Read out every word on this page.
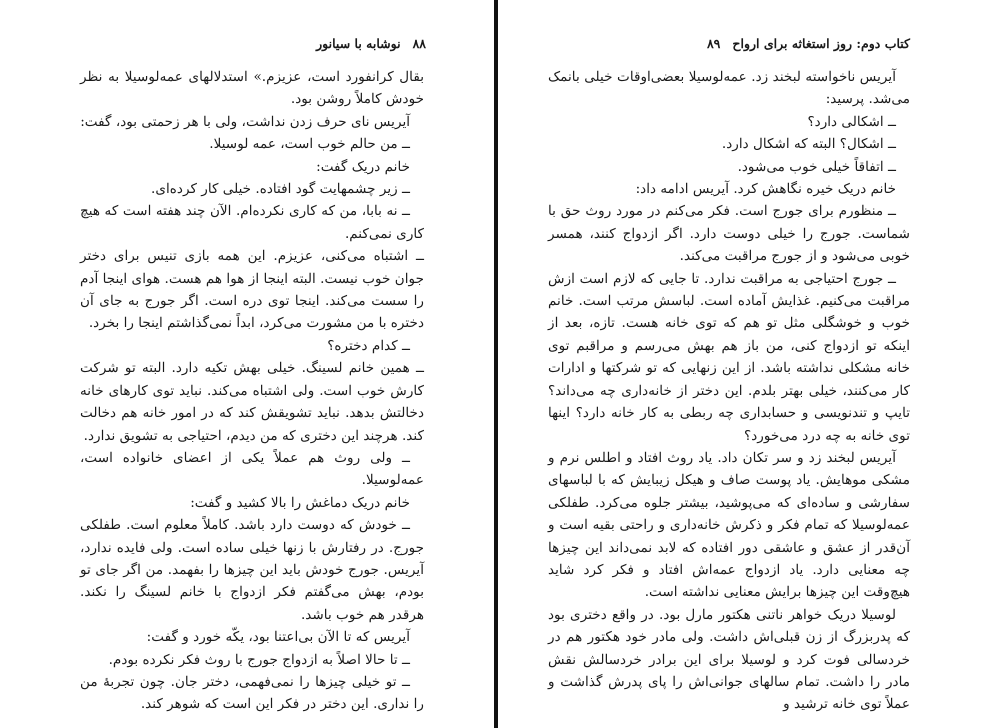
۸۸
نوشابه با سیانور

بقال کرانفورد است، عزیزم.» استدلالهای عمه‌لوسیلا به نظر خودش کاملاً روشن بود.

آیریس نای حرف زدن نداشت، ولی با هر زحمتی بود، گفت:

ــ من حالم خوب است، عمه لوسیلا.

خانم دریک گفت:

ــ زیر چشمهایت گود افتاده. خیلی کار کرده‌ای.

ــ نه بابا، من که کاری نکرده‌ام. الآن چند هفته است که هیچ کاری نمی‌کنم.

ــ اشتباه می‌کنی، عزیزم. این همه بازی تنیس برای دختر جوان خوب نیست. البته اینجا از هوا هم هست. هوای اینجا آدم را سست می‌کند. اینجا توی دره است. اگر جورج به جای آن دختره با من مشورت می‌کرد، ابداً نمی‌گذاشتم اینجا را بخرد.

ــ کدام دختره؟

ــ همین خانم لسینگ. خیلی بهش تکیه دارد. البته تو شرکت کارش خوب است. ولی اشتباه می‌کند. نباید توی کارهای خانه دخالتش بدهد. نباید تشویقش کند که در امور خانه هم دخالت کند. هرچند این دختری که من دیدم، احتیاجی به تشویق ندارد.

ــ ولی روث هم عملاً یکی از اعضای خانواده است، عمه‌لوسیلا.

خانم دریک دماغش را بالا کشید و گفت:

ــ خودش که دوست دارد باشد. کاملاً معلوم است. طفلکی جورج. در رفتارش با زنها خیلی ساده است. ولی فایده ندارد، آیریس. جورج خودش باید این چیزها را بفهمد. من اگر جای تو بودم، بهش می‌گفتم فکر ازدواج با خانم لسینگ را نکند. هرقدر هم خوب باشد.

آیریس که تا الآن بی‌اعتنا بود، یکّه خورد و گفت:

ــ تا حالا اصلاً به ازدواج جورج با روث فکر نکرده بودم.

ــ تو خیلی چیزها را نمی‌فهمی، دختر جان. چون تجربهٔ من را نداری. این دختر در فکر این است که شوهر کند.

کتاب دوم: روز استغاثه برای ارواح
۸۹

آیریس ناخواسته لبخند زد. عمه‌لوسیلا بعضی‌اوقات خیلی بانمک می‌شد. پرسید:

ــ اشکالی دارد؟

ــ اشکال؟ البته که اشکال دارد.

ــ اتفاقاً خیلی خوب می‌شود.

خانم دریک خیره نگاهش کرد. آیریس ادامه داد:

ــ منظورم برای جورج است. فکر می‌کنم در مورد روث حق با شماست. جورج را خیلی دوست دارد. اگر ازدواج کنند، همسر خوبی می‌شود و از جورج مراقبت می‌کند.

ــ جورج احتیاجی به مراقبت ندارد. تا جایی که لازم است ازش مراقبت می‌کنیم. غذایش آماده است. لباسش مرتب است. خانم خوب و خوشگلی مثل تو هم که توی خانه هست. تازه، بعد از اینکه تو ازدواج کنی، من باز هم بهش می‌رسم و مراقبم توی خانه مشکلی نداشته باشد. از این زنهایی که تو شرکتها و ادارات کار می‌کنند، خیلی بهتر بلدم. این دختر از خانه‌داری چه می‌داند؟ تایپ و تندنویسی و حسابداری چه ربطی به کار خانه دارد؟ اینها توی خانه به چه درد می‌خورد؟

آیریس لبخند زد و سر تکان داد. یاد روث افتاد و اطلس نرم و مشکی موهایش. یاد پوست صاف و هیکل زیبایش که با لباسهای سفارشی و ساده‌ای که می‌پوشید، بیشتر جلوه می‌کرد. طفلکی عمه‌لوسیلا که تمام فکر و ذکرش خانه‌داری و راحتی بقیه است و آن‌قدر از عشق و عاشقی دور افتاده که لابد نمی‌داند این چیزها چه معنایی دارد. یاد ازدواج عمه‌اش افتاد و فکر کرد شاید هیچ‌وقت این چیزها برایش معنایی نداشته است.

لوسیلا دریک خواهر ناتنی هکتور مارل بود. در واقع دختری بود که پدربزرگ از زن قبلی‌اش داشت. ولی مادر خود هکتور هم در خردسالی فوت کرد و لوسیلا برای این برادر خردسالش نقش مادر را داشت. تمام سالهای جوانی‌اش را پای پدرش گذاشت و عملاً توی خانه ترشید و
